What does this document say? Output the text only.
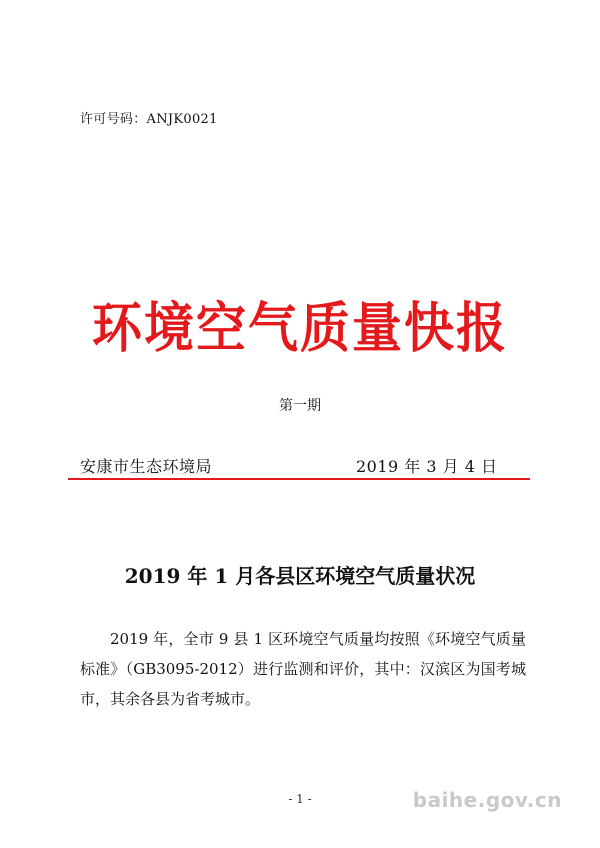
许可号码：ANJK0021
环境空气质量快报
第一期
安康市生态环境局	2019 年 3 月 4 日
2019 年 1 月各县区环境空气质量状况
2019 年，全市 9 县 1 区环境空气质量均按照《环境空气质量标准》（GB3095-2012）进行监测和评价，其中：汉滨区为国考城市，其余各县为省考城市。
- 1 -	baihe.gov.cn
